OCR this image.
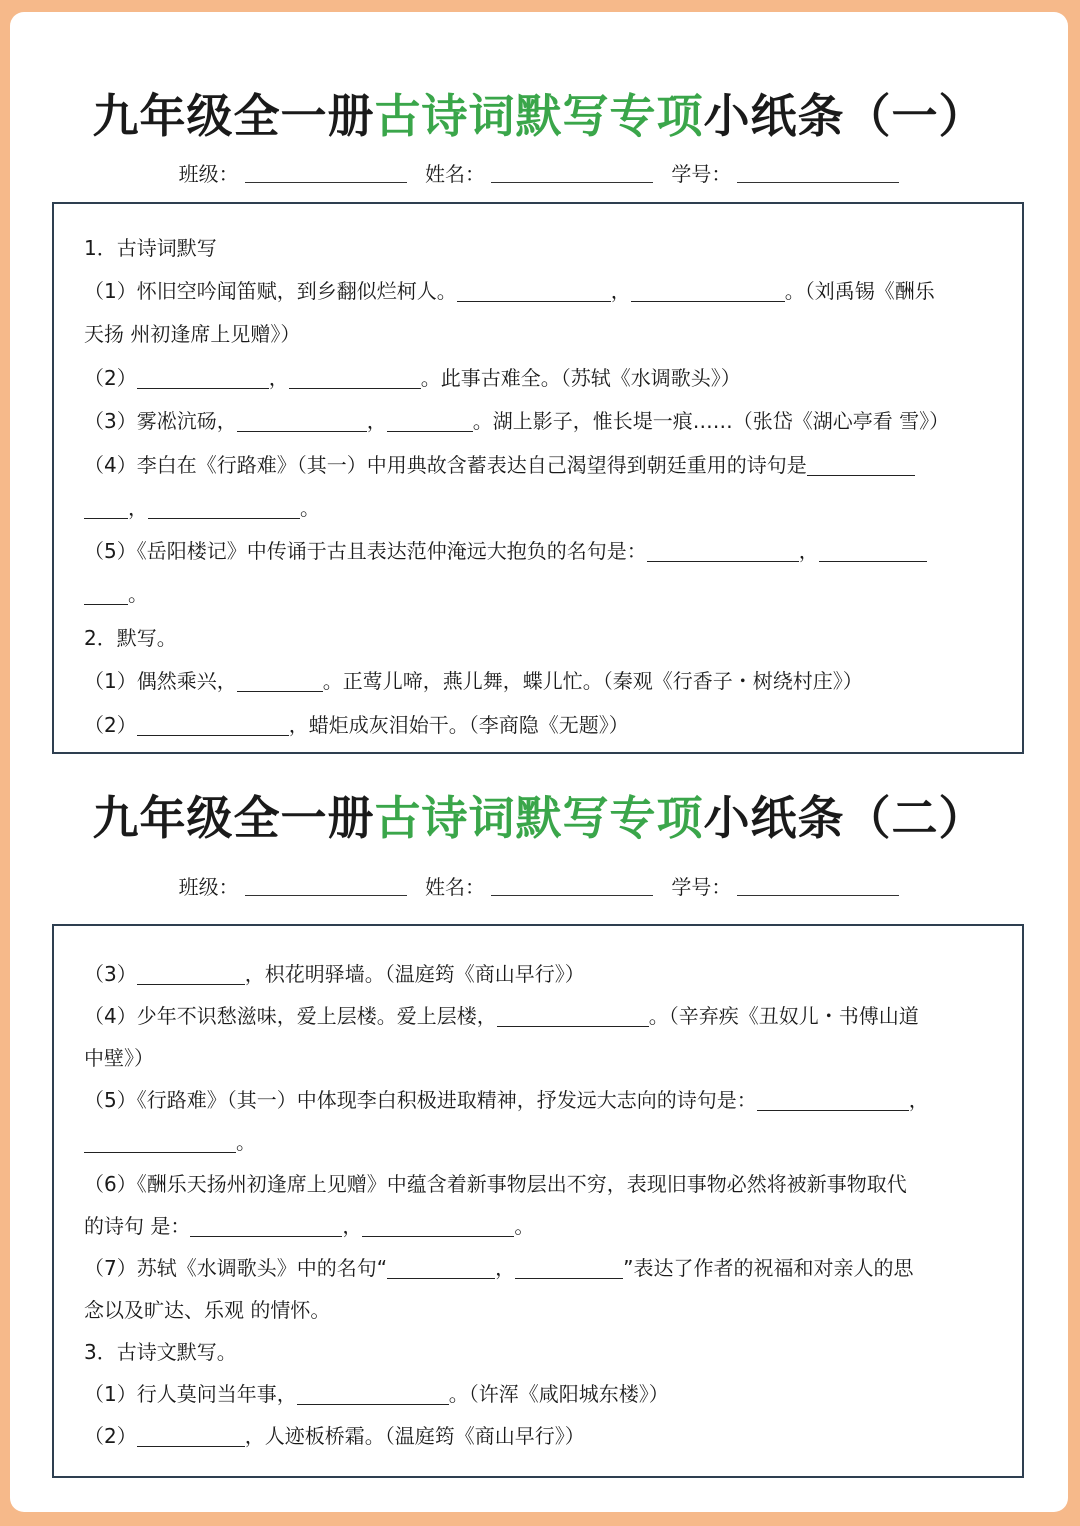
九年级全一册古诗词默写专项小纸条（一）
班级：	姓名：	学号：
1．古诗词默写
（1）怀旧空吟闻笛赋，到乡翻似烂柯人。	，	。（刘禹锡《酬乐
天扬 州初逢席上见赠》）
（2）	，	。此事古难全。（苏轼《水调歌头》）
（3）雾凇沆砀，	，	。湖上影子，惟长堤一痕……（张岱《湖心亭看 雪》）
（4）李白在《行路难》（其一）中用典故含蓄表达自己渴望得到朝廷重用的诗句是
，	。
（5）《岳阳楼记》中传诵于古且表达范仲淹远大抱负的名句是：	，
。
2．默写。
（1）偶然乘兴，	。正莺儿啼，燕儿舞，蝶儿忙。（秦观《行香子・树绕村庄》）
（2）	，蜡炬成灰泪始干。（李商隐《无题》）
九年级全一册古诗词默写专项小纸条（二）
班级：	姓名：	学号：
（3）	，枳花明驿墙。（温庭筠《商山早行》）
（4）少年不识愁滋味，爱上层楼。爱上层楼，	。（辛弃疾《丑奴儿・书傅山道
中壁》）
（5）《行路难》（其一）中体现李白积极进取精神，抒发远大志向的诗句是：	，
。
（6）《酬乐天扬州初逢席上见赠》中蕴含着新事物层出不穷，表现旧事物必然将被新事物取代
的诗句 是：	，	。
（7）苏轼《水调歌头》中的名句“	，	”表达了作者的祝福和对亲人的思
念以及旷达、乐观 的情怀。
3．古诗文默写。
（1）行人莫问当年事，	。（许浑《咸阳城东楼》）
（2）	，人迹板桥霜。（温庭筠《商山早行》）
